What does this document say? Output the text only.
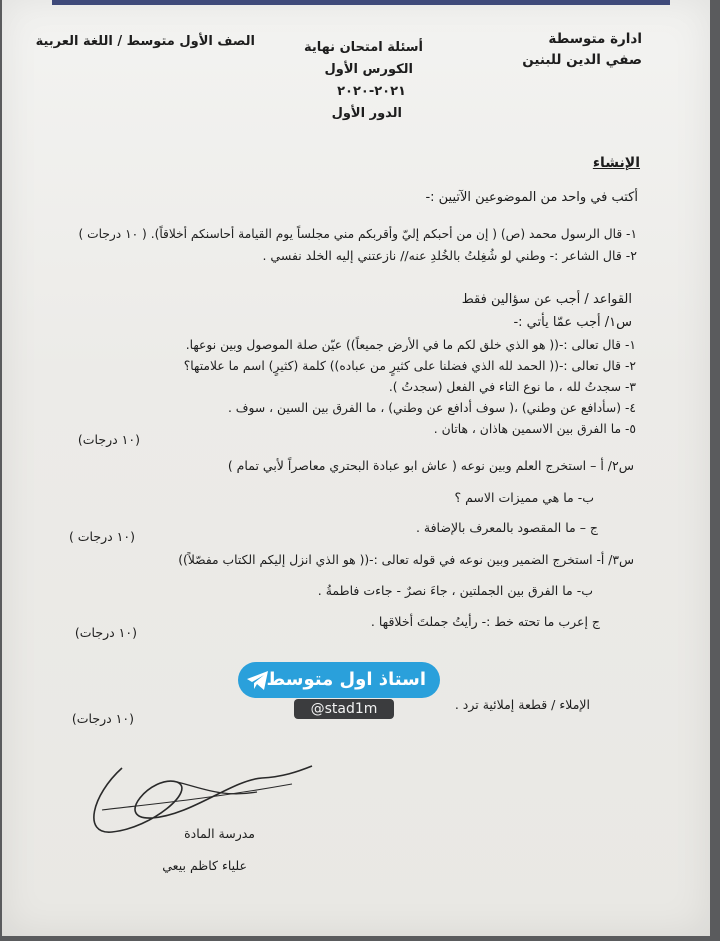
ادارة متوسطة
صفي الدين للبنين
أسئلة امتحان نهاية
الكورس الأول
٢٠٢١-٢٠٢٠
الدور الأول
الصف الأول متوسط / اللغة العربية
الإنشاء
أكتب في واحد من الموضوعين الآتيين :-
١- قال الرسول محمد (ص) ( إن من أحبكم إليّ وأقربكم مني مجلساً يوم القيامة أحاسنكم أخلاقاً). ( ١٠ درجات )
٢- قال الشاعر :- وطني لو شُغِلتُ بالخُلدِ عنه// نازعتني إليه الخلد نفسي .
القواعد / أجب عن سؤالين فقط
س١/ أجب عمّا يأتي :-
١- قال تعالى :-(( هو الذي خلق لكم ما في الأرض جميعاً)) عيّن صلة الموصول وبين نوعها.
٢- قال تعالى :-(( الحمد لله الذي فضلنا على كثيرٍ من عباده)) كلمة (كثيرٍ) اسم ما علامتها؟
٣- سجدتُ لله ، ما نوع التاء في الفعل (سجدتُ ).
٤- (سأدافع عن وطني) ،( سوف أدافع عن وطني) ، ما الفرق بين السين ، سوف .
٥- ما الفرق بين الاسمين هاذان ، هاتان .
(١٠ درجات)
س٢/ أ – استخرج العلم وبين نوعه ( عاش ابو عبادة البحتري معاصراً لأبي تمام )
ب- ما هي مميزات الاسم ؟
ج – ما المقصود بالمعرف بالإضافة .
(١٠ درجات )
س٣/ أ- استخرج الضمير وبين نوعه في قوله تعالى :-(( هو الذي انزل إليكم الكتاب مفصّلاً))
ب- ما الفرق بين الجملتين ، جاءَ نصرٌ - جاءت فاطمةُ .
ج إعرب ما تحته خط :- رأيتُ جملتَ أخلاقها .
(١٠ درجات)
الإملاء / قطعة إملائية ترد .
(١٠ درجات)
مدرسة المادة
علياء كاظم بيعي
استاذ اول متوسط
@stad1m
